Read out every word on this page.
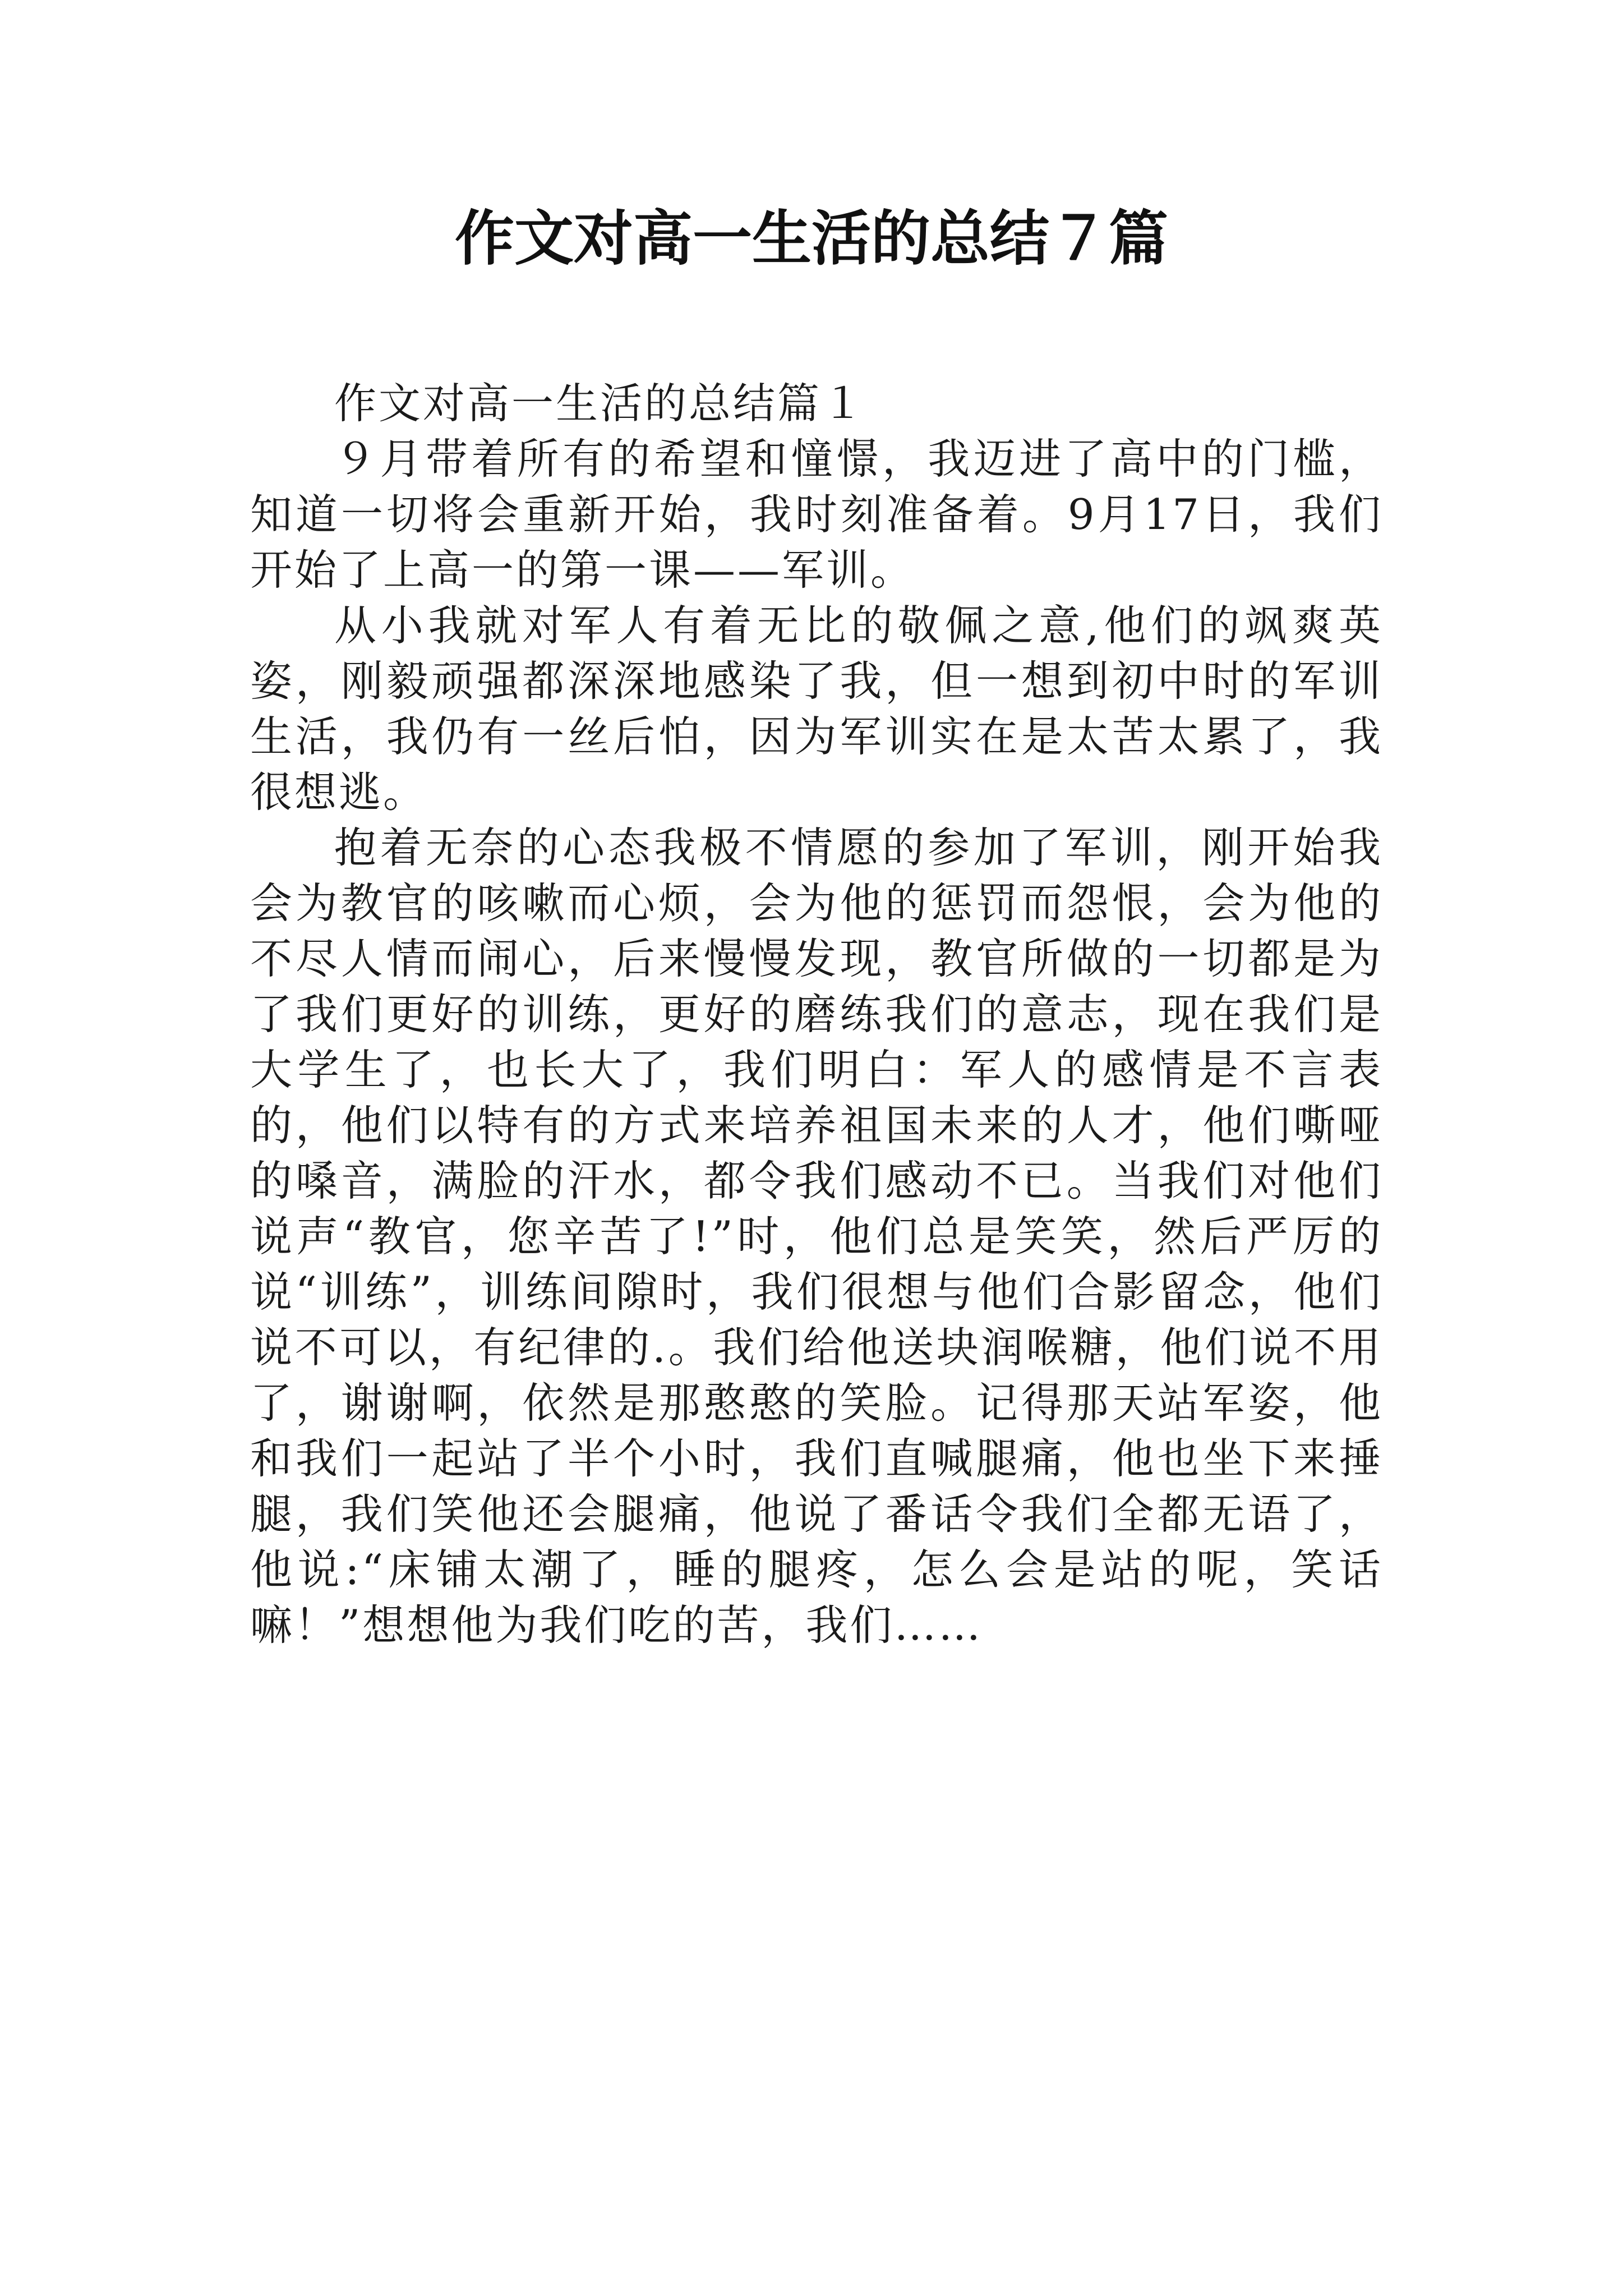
作文对高一生活的总结７篇

作文对高一生活的总结篇１

９月带着所有的希望和憧憬，我迈进了高中的门槛，知道一切将会重新开始，我时刻准备着。9月17日，我们开始了上高一的第一课——军训。

从小我就对军人有着无比的敬佩之意,他们的飒爽英姿，刚毅顽强都深深地感染了我，但一想到初中时的军训生活，我仍有一丝后怕，因为军训实在是太苦太累了，我很想逃。

抱着无奈的心态我极不情愿的参加了军训，刚开始我会为教官的咳嗽而心烦，会为他的惩罚而怨恨，会为他的不尽人情而闹心，后来慢慢发现，教官所做的一切都是为了我们更好的训练，更好的磨练我们的意志，现在我们是大学生了，也长大了，我们明白：军人的感情是不言表的，他们以特有的方式来培养祖国未来的人才，他们嘶哑的嗓音，满脸的汗水，都令我们感动不已。当我们对他们说声“教官，您辛苦了!”时，他们总是笑笑，然后严厉的说“训练”，训练间隙时，我们很想与他们合影留念，他们说不可以，有纪律的.。我们给他送块润喉糖，他们说不用了，谢谢啊，依然是那憨憨的笑脸。记得那天站军姿，他和我们一起站了半个小时，我们直喊腿痛，他也坐下来捶腿，我们笑他还会腿痛，他说了番话令我们全都无语了，他说:“床铺太潮了，睡的腿疼，怎么会是站的呢，笑话嘛！”想想他为我们吃的苦，我们……
